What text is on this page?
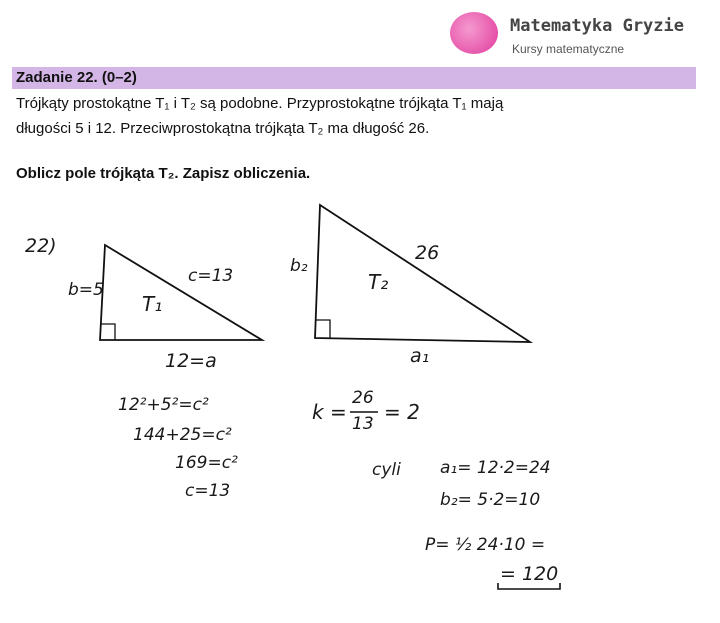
Matematyka Gryzie
Kursy matematyczne
Zadanie 22. (0–2)
Trójkąty prostokątne T₁ i T₂ są podobne. Przyprostokątne trójkąta T₁ mają
długości 5 i 12. Przeciwprostokątna trójkąta T₂ ma długość 26.
Oblicz pole trójkąta T₂. Zapisz obliczenia.
22)
b=5
c=13
T₁
12=a
b₂
26
T₂
a₁
12²+5²=c²
144+25=c²
169=c²
c=13
k =
26
13 = 2
cyli a₁= 12·2=24
b₂= 5·2=10
P= ½ 24·10 =
= 120
